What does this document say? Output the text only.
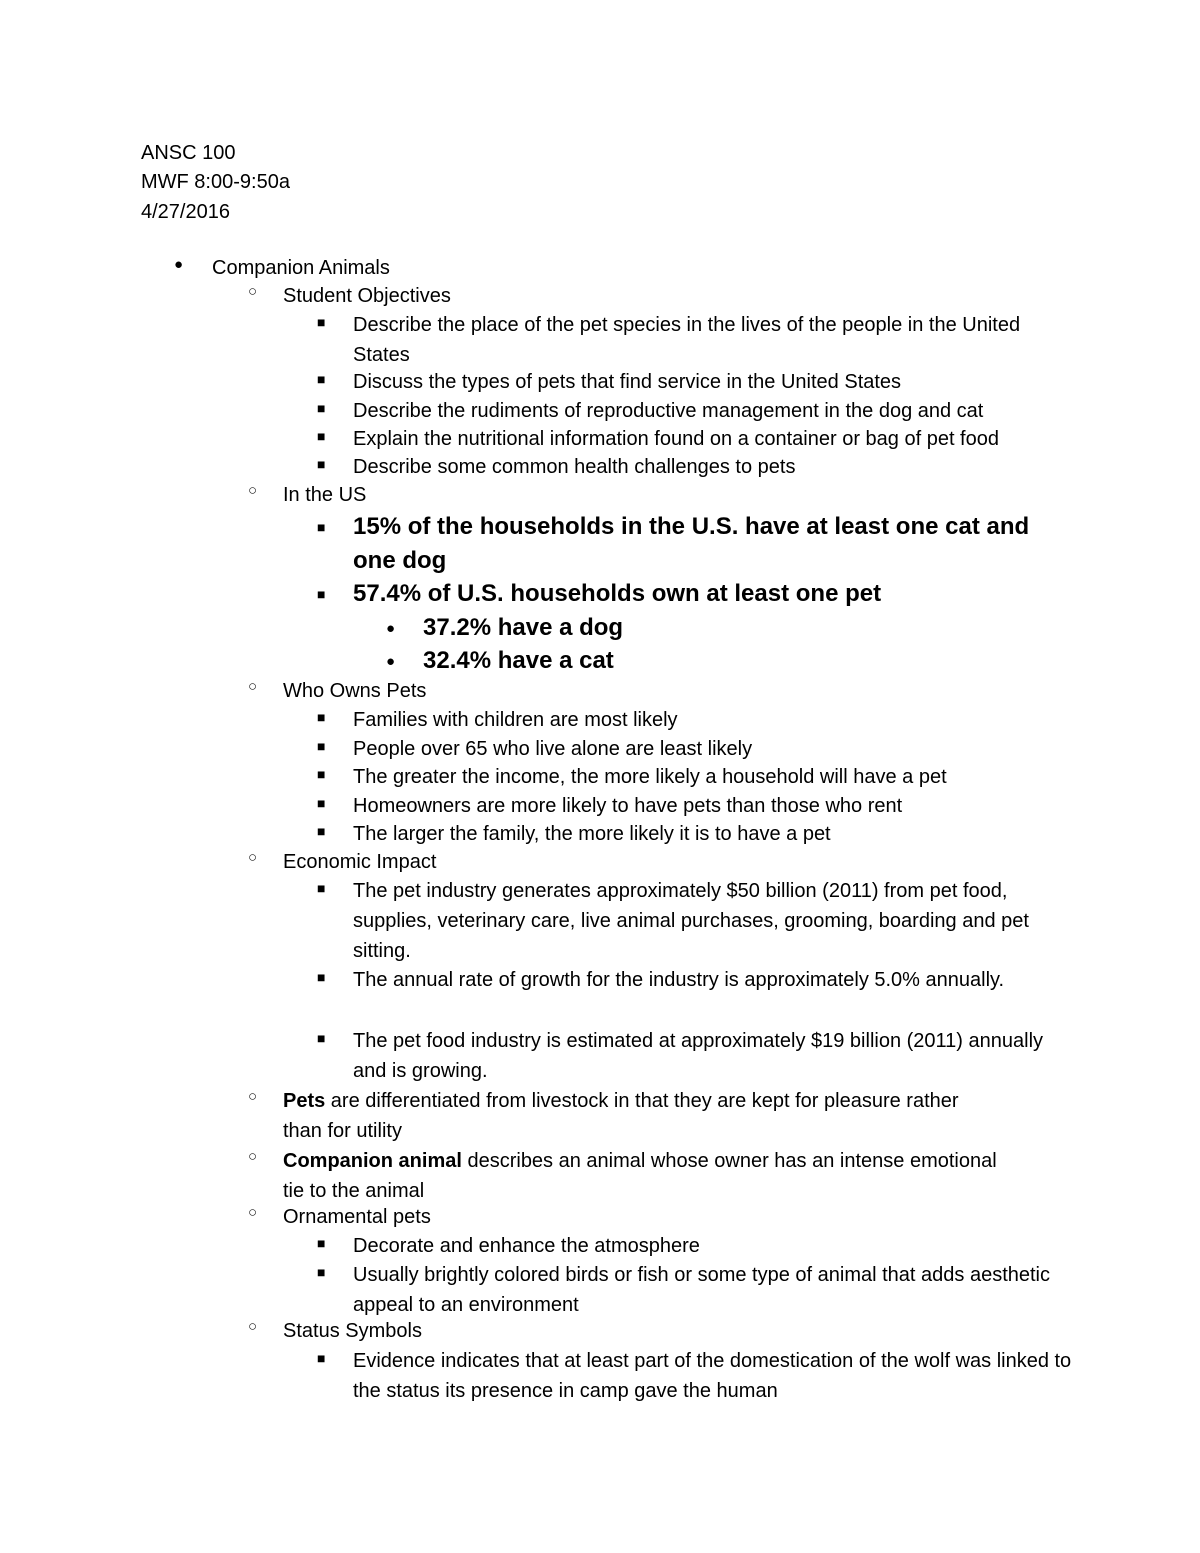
ANSC 100
MWF 8:00-9:50a
4/27/2016
● Companion Animals
○ Student Objectives
■ Describe the place of the pet species in the lives of the people in the United States
■ Discuss the types of pets that find service in the United States
■ Describe the rudiments of reproductive management in the dog and cat
■ Explain the nutritional information found on a container or bag of pet food
■ Describe some common health challenges to pets
○ In the US
■ 15% of the households in the U.S. have at least one cat and one dog
■ 57.4% of U.S. households own at least one pet
● 37.2% have a dog
● 32.4% have a cat
○ Who Owns Pets
■ Families with children are most likely
■ People over 65 who live alone are least likely
■ The greater the income, the more likely a household will have a pet
■ Homeowners are more likely to have pets than those who rent
■ The larger the family, the more likely it is to have a pet
○ Economic Impact
■ The pet industry generates approximately $50 billion (2011) from pet food, supplies, veterinary care, live animal purchases, grooming, boarding and pet sitting.
■ The annual rate of growth for the industry is approximately 5.0% annually.
■ The pet food industry is estimated at approximately $19 billion (2011) annually and is growing.
○ Pets are differentiated from livestock in that they are kept for pleasure rather than for utility
○ Companion animal describes an animal whose owner has an intense emotional tie to the animal
○ Ornamental pets
■ Decorate and enhance the atmosphere
■ Usually brightly colored birds or fish or some type of animal that adds aesthetic appeal to an environment
○ Status Symbols
■ Evidence indicates that at least part of the domestication of the wolf was linked to the status its presence in camp gave the human
